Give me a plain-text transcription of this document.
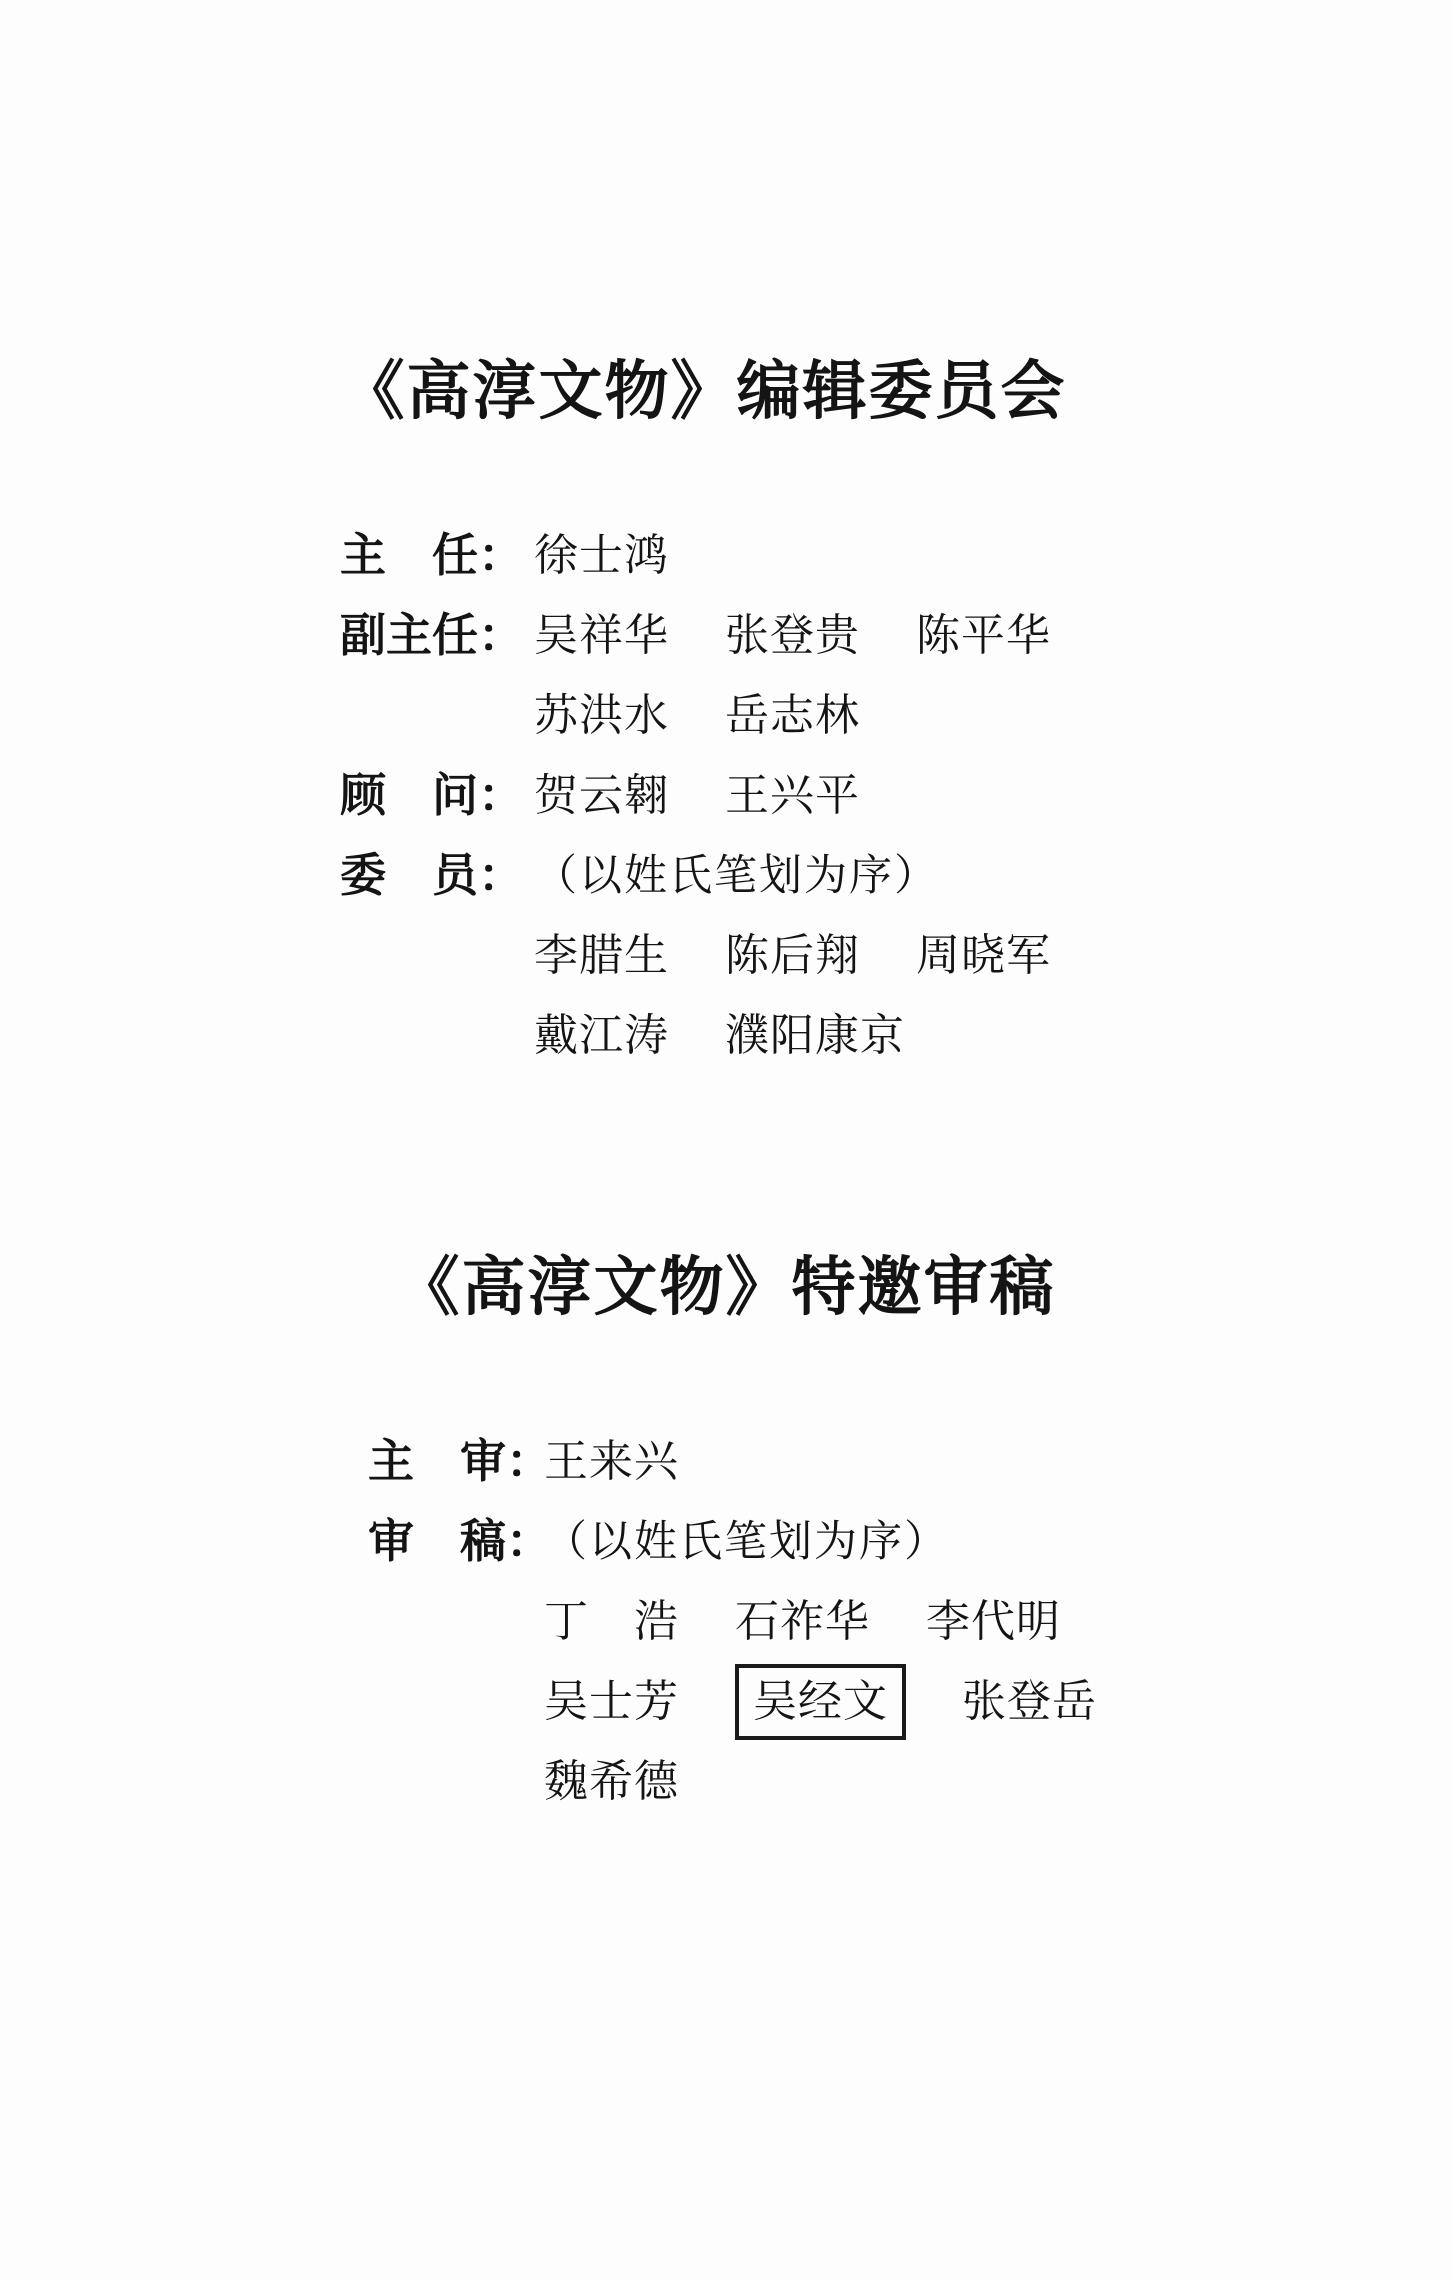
《高淳文物》编辑委员会
主　任： 徐士鸿
副主任： 吴祥华 张登贵 陈平华
苏洪水 岳志林
顾　问： 贺云翱 王兴平
委　员： （以姓氏笔划为序）
李腊生 陈后翔 周晓军
戴江涛 濮阳康京
《高淳文物》特邀审稿
主　审：
王来兴
审　稿：
（以姓氏笔划为序）
丁　浩 石祚华 李代明
吴士芳	吴经文	张登岳
魏希德
